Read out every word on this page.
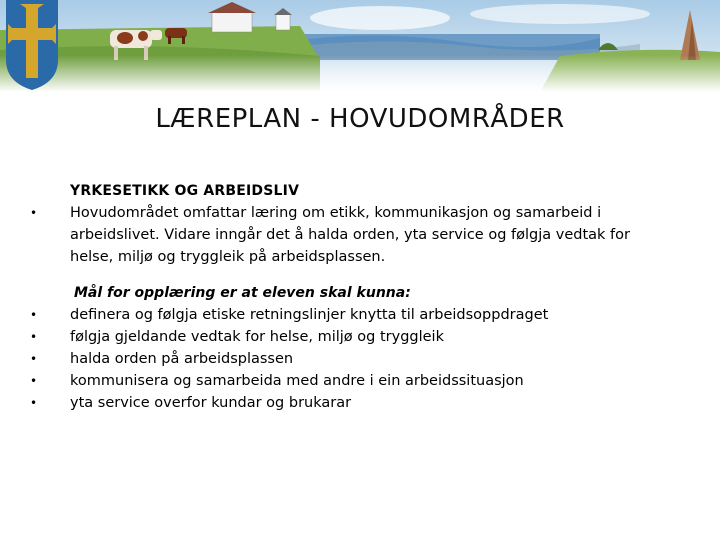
LÆREPLAN - HOVUDOMRÅDER
YRKESETIKK OG ARBEIDSLIV
• Hovudområdet omfattar læring om etikk, kommunikasjon og samarbeid i
arbeidslivet. Vidare inngår det å halda orden, yta service og følgja vedtak for
helse, miljø og tryggleik på arbeidsplassen.
Mål for opplæring er at eleven skal kunna:
• definera og følgja etiske retningslinjer knytta til arbeidsoppdraget
• følgja gjeldande vedtak for helse, miljø og tryggleik
• halda orden på arbeidsplassen
• kommunisera og samarbeida med andre i ein arbeidssituasjon
• yta service overfor kundar og brukarar
